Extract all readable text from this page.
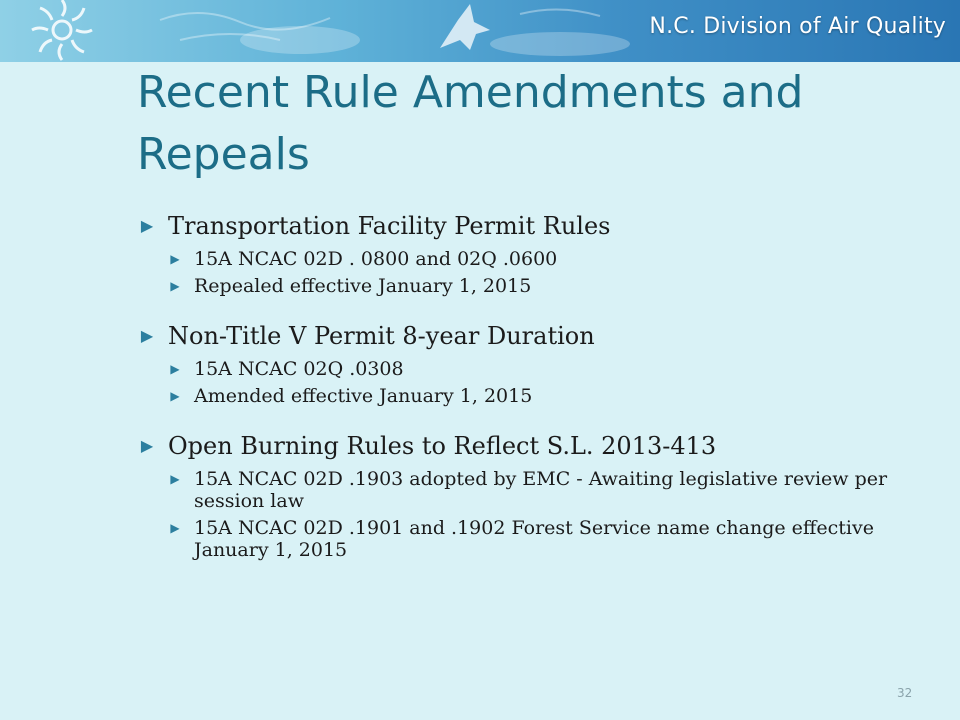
N.C. Division of Air Quality
Recent Rule Amendments and Repeals
▶ Transportation Facility Permit Rules
▶ 15A NCAC 02D . 0800 and 02Q .0600
▶ Repealed effective January 1, 2015
▶ Non-Title V Permit 8-year Duration
▶ 15A NCAC 02Q .0308
▶ Amended effective January 1, 2015
▶ Open Burning Rules to Reflect S.L. 2013-413
▶ 15A NCAC 02D .1903 adopted by EMC - Awaiting legislative review per session law
▶ 15A NCAC 02D .1901 and .1902 Forest Service name change effective January 1, 2015
32
